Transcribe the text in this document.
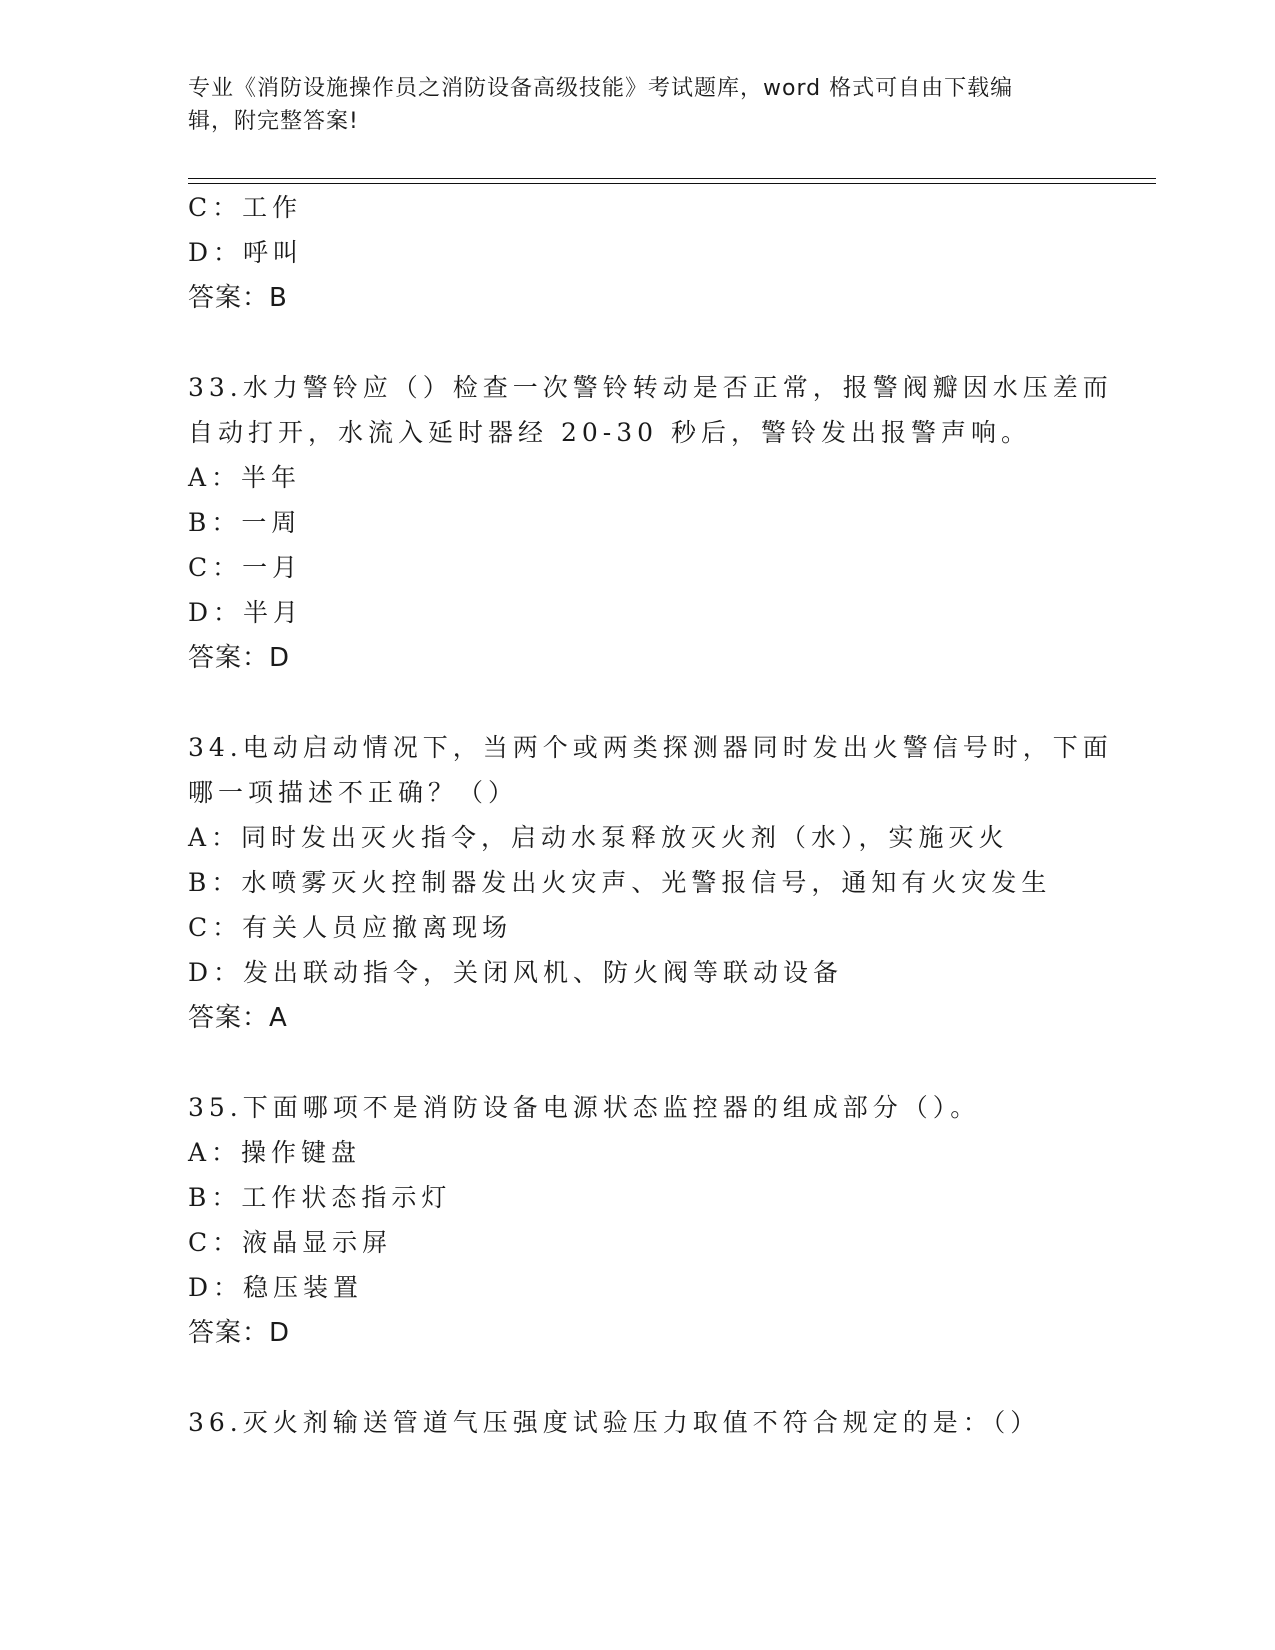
专业《消防设施操作员之消防设备高级技能》考试题库，word 格式可自由下载编
辑，附完整答案!
C：工作
D：呼叫
答案：B
33.水力警铃应（）检查一次警铃转动是否正常，报警阀瓣因水压差而
自动打开，水流入延时器经 20-30 秒后，警铃发出报警声响。
A：半年
B：一周
C：一月
D：半月
答案：D
34.电动启动情况下，当两个或两类探测器同时发出火警信号时，下面
哪一项描述不正确？（）
A：同时发出灭火指令，启动水泵释放灭火剂（水），实施灭火
B：水喷雾灭火控制器发出火灾声、光警报信号，通知有火灾发生
C：有关人员应撤离现场
D：发出联动指令，关闭风机、防火阀等联动设备
答案：A
35.下面哪项不是消防设备电源状态监控器的组成部分（）。
A：操作键盘
B：工作状态指示灯
C：液晶显示屏
D：稳压装置
答案：D
36.灭火剂输送管道气压强度试验压力取值不符合规定的是：（）
